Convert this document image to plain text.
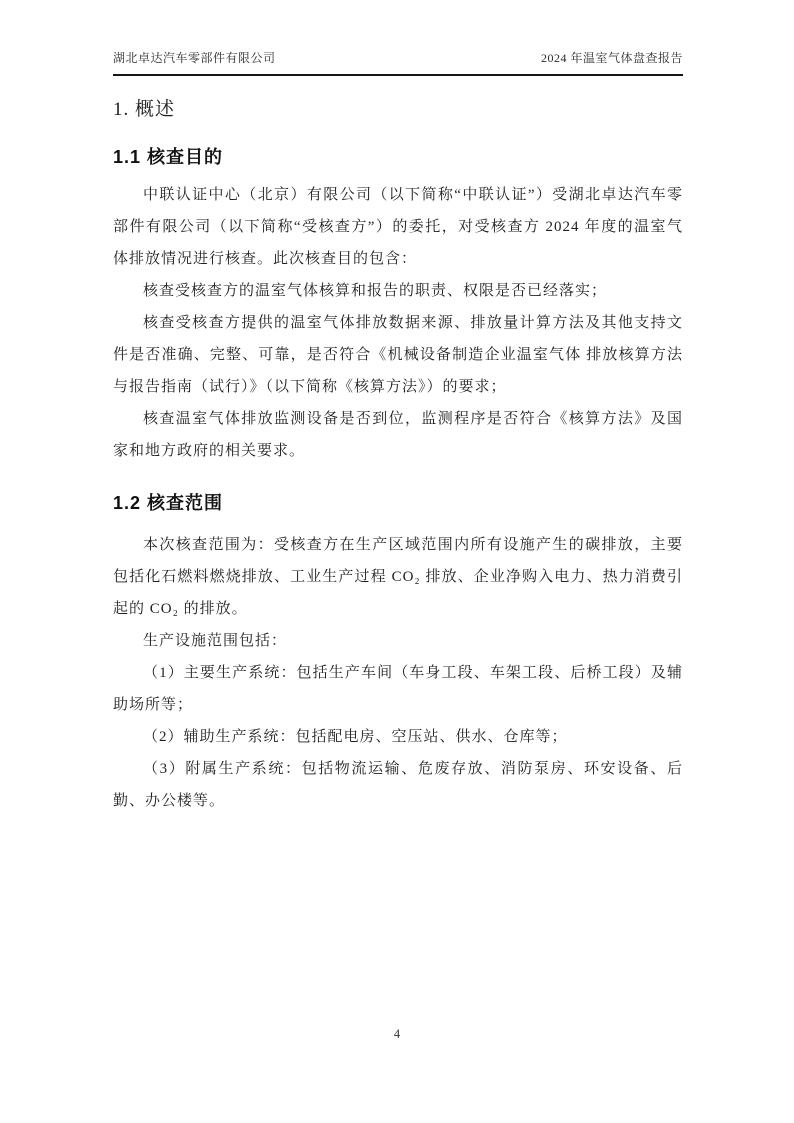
湖北卓达汽车零部件有限公司	2024 年温室气体盘查报告
1. 概述
1.1 核查目的

中联认证中心（北京）有限公司（以下简称“中联认证”）受湖北卓达汽车零部件有限公司（以下简称“受核查方”）的委托，对受核查方 2024 年度的温室气体排放情况进行核查。此次核查目的包含：

核查受核查方的温室气体核算和报告的职责、权限是否已经落实；

核查受核查方提供的温室气体排放数据来源、排放量计算方法及其他支持文件是否准确、完整、可靠，是否符合《机械设备制造企业温室气体 排放核算方法与报告指南（试行）》（以下简称《核算方法》）的要求；

核查温室气体排放监测设备是否到位，监测程序是否符合《核算方法》及国家和地方政府的相关要求。

1.2 核查范围

本次核查范围为：受核查方在生产区域范围内所有设施产生的碳排放，主要包括化石燃料燃烧排放、工业生产过程 CO₂ 排放、企业净购入电力、热力消费引起的 CO₂ 的排放。

生产设施范围包括：

（1）主要生产系统：包括生产车间（车身工段、车架工段、后桥工段）及辅助场所等；

（2）辅助生产系统：包括配电房、空压站、供水、仓库等；

（3）附属生产系统：包括物流运输、危废存放、消防泵房、环安设备、后勤、办公楼等。

4
